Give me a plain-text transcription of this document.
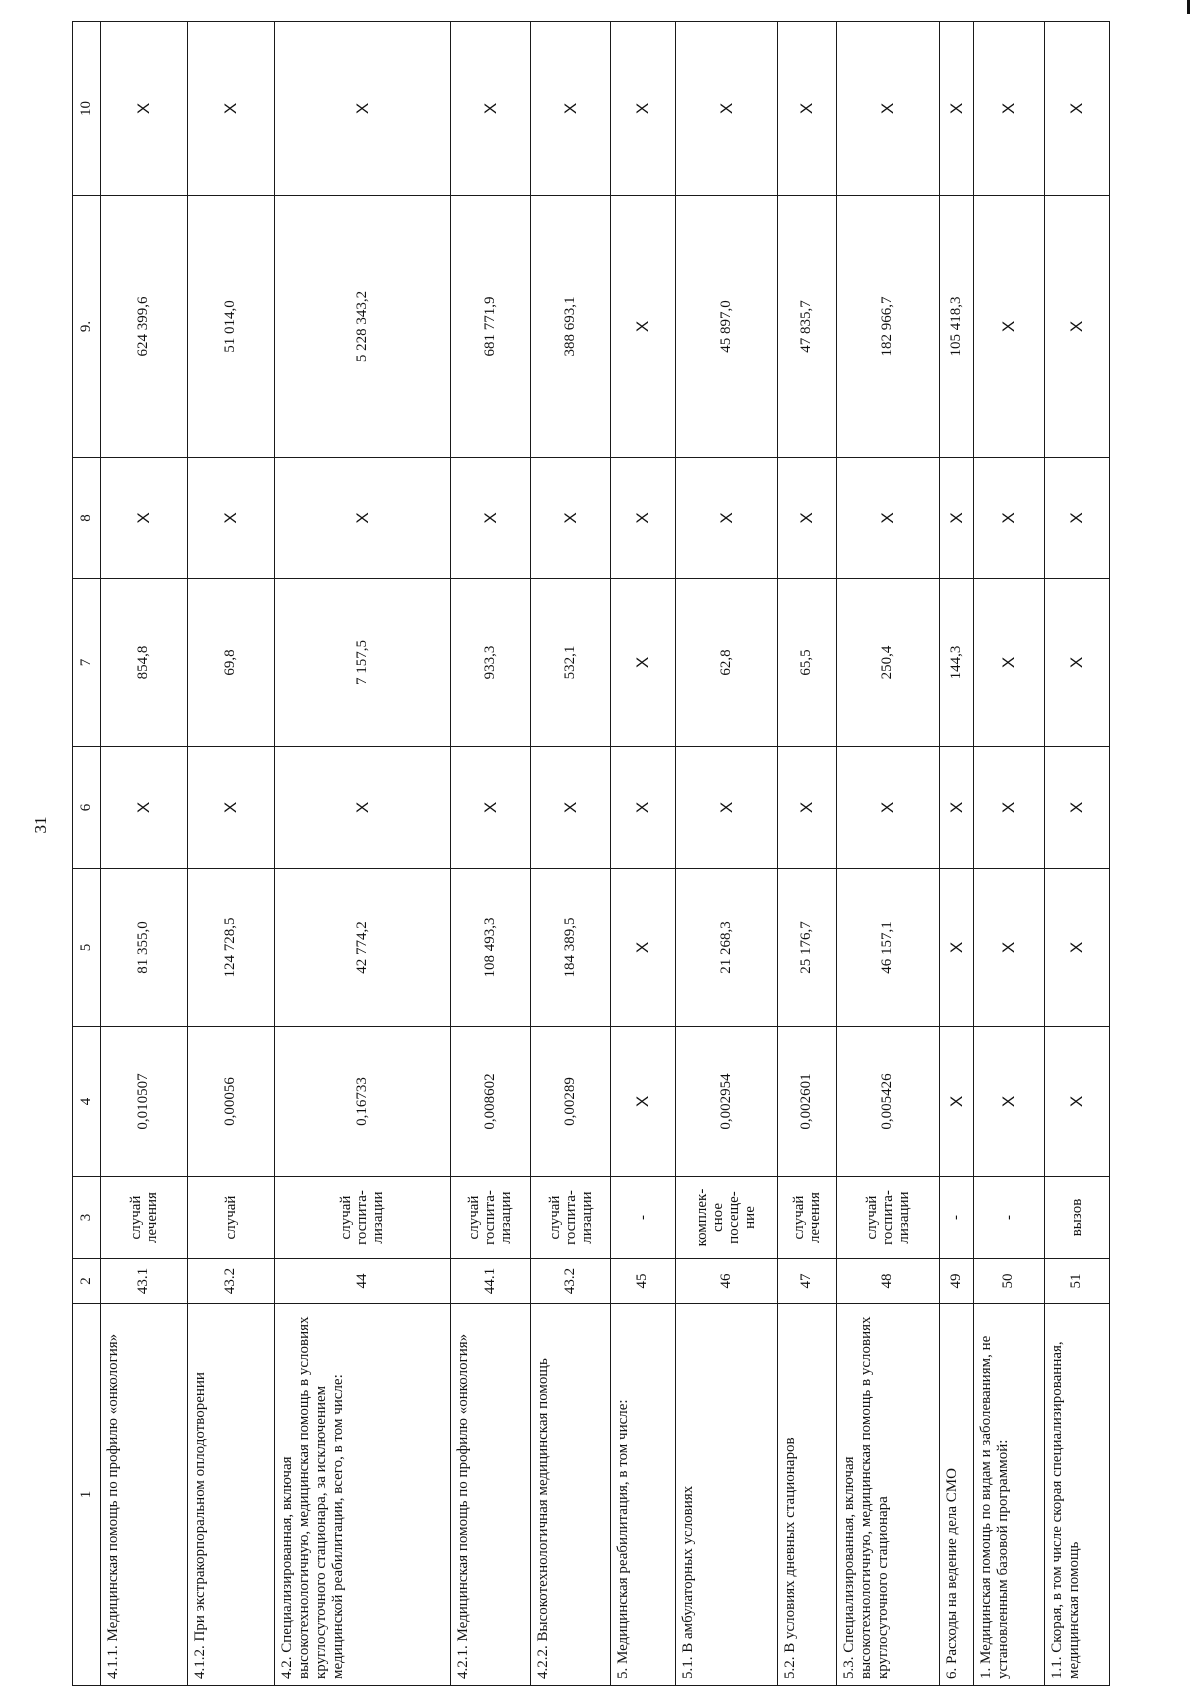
31
1	2	3	4	5	6	7	8	9.	10
4.1.1. Медицинская помощь по профилю «онкология»	43.1	случай лечения	0,010507	81 355,0	Х	854,8	Х	624 399,6	Х
4.1.2. При экстракорпоральном оплодотворении	43.2	случай	0,00056	124 728,5	Х	69,8	Х	51 014,0	Х
4.2. Специализированная, включая высокотехнологичную, медицинская помощь в условиях круглосуточного стационара, за исключением медицинской реабилитации, всего, в том числе:	44	случай госпита-лизации	0,16733	42 774,2	Х	7 157,5	Х	5 228 343,2	Х
4.2.1. Медицинская помощь по профилю «онкология»	44.1	случай госпита-лизации	0,008602	108 493,3	Х	933,3	Х	681 771,9	Х
4.2.2. Высокотехнологичная медицинская помощь	43.2	случай госпита-лизации	0,00289	184 389,5	Х	532,1	Х	388 693,1	Х
5. Медицинская реабилитация, в том числе:	45	-	Х	Х	Х	Х	Х	Х	Х
5.1. В амбулаторных условиях	46	комплек-сное посеще-ние	0,002954	21 268,3	Х	62,8	Х	45 897,0	Х
5.2. В условиях дневных стационаров	47	случай лечения	0,002601	25 176,7	Х	65,5	Х	47 835,7	Х
5.3. Специализированная, включая высокотехнологичную, медицинская помощь в условиях круглосуточного стационара	48	случай госпита-лизации	0,005426	46 157,1	Х	250,4	Х	182 966,7	Х
6. Расходы на ведение дела СМО	49	-	Х	Х	Х	144,3	Х	105 418,3	Х
1. Медицинская помощь по видам и заболеваниям, не установленным базовой программой:	50	-	Х	Х	Х	Х	Х	Х	Х
1.1. Скорая, в том числе скорая специализированная, медицинская помощь	51	вызов	Х	Х	Х	Х	Х	Х	Х
